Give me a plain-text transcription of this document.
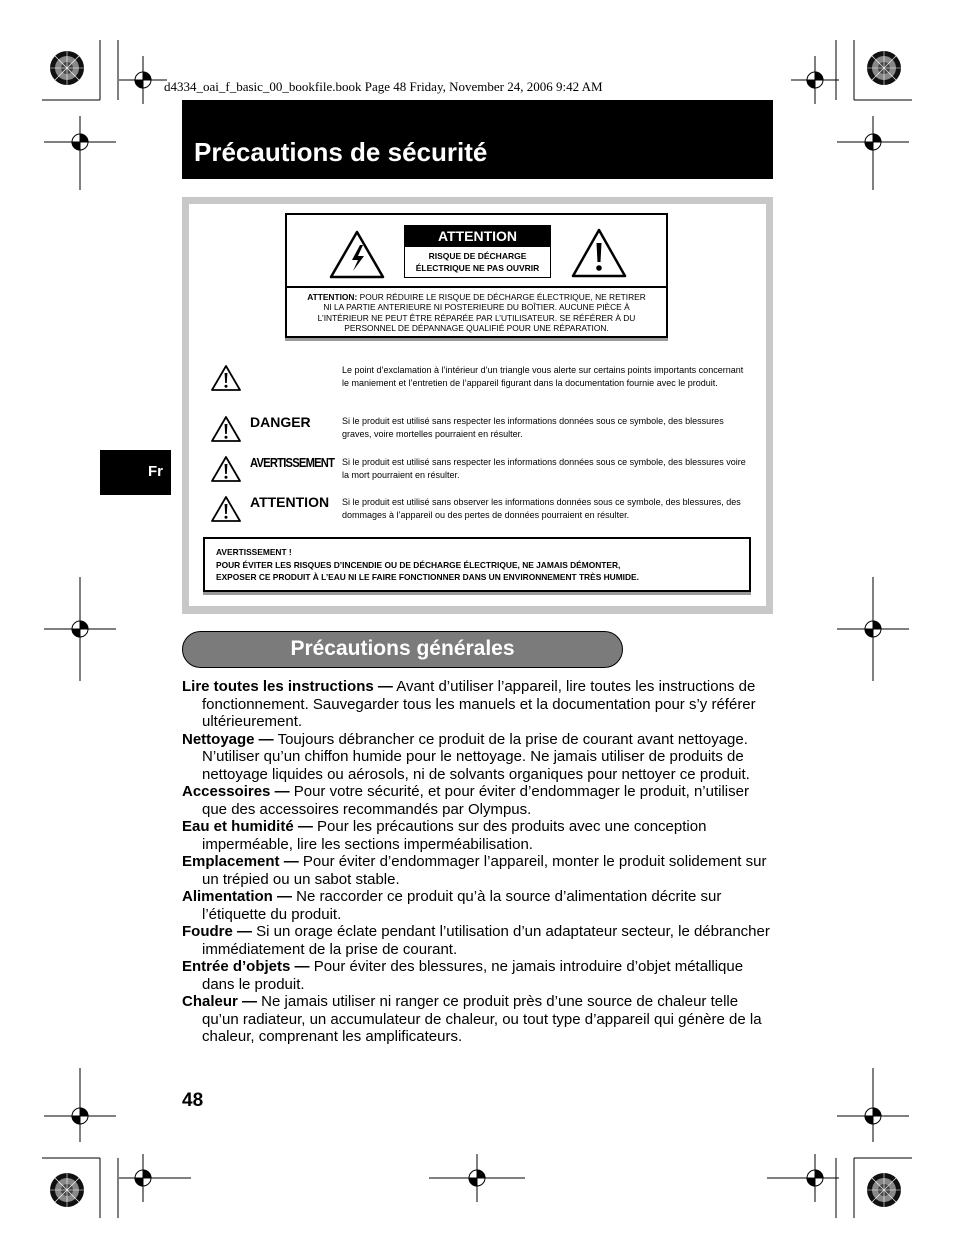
d4334_oai_f_basic_00_bookfile.book Page 48 Friday, November 24, 2006 9:42 AM
Précautions de sécurité
Fr
ATTENTION
RISQUE DE DÉCHARGE
ÉLECTRIQUE NE PAS OUVRIR
ATTENTION: POUR RÉDUIRE LE RISQUE DE DÉCHARGE ÉLECTRIQUE, NE RETIRER
NI LA PARTIE ANTERIEURE NI POSTERIEURE DU BOÎTIER. AUCUNE PIÈCE À
L’INTÉRIEUR NE PEUT ÊTRE RÉPARÉE PAR L’UTILISATEUR. SE RÉFÉRER À DU
PERSONNEL DE DÉPANNAGE QUALIFIÉ POUR UNE RÉPARATION.
Le point d’exclamation à l’intérieur d’un triangle vous alerte sur certains points importants concernant le maniement et l’entretien de l’appareil figurant dans la documentation fournie avec le produit.
DANGER	Si le produit est utilisé sans respecter les informations données sous ce symbole, des blessures graves, voire mortelles pourraient en résulter.
AVERTISSEMENT Si le produit est utilisé sans respecter les informations données sous ce symbole, des blessures voire la mort pourraient en résulter.
ATTENTION Si le produit est utilisé sans observer les informations données sous ce symbole, des blessures, des dommages à l’appareil ou des pertes de données pourraient en résulter.
AVERTISSEMENT !
POUR ÉVITER LES RISQUES D’INCENDIE OU DE DÉCHARGE ÉLECTRIQUE, NE JAMAIS DÉMONTER,
EXPOSER CE PRODUIT À L’EAU NI LE FAIRE FONCTIONNER DANS UN ENVIRONNEMENT TRÈS HUMIDE.
Précautions générales

Lire toutes les instructions — Avant d’utiliser l’appareil, lire toutes les instructions de fonctionnement. Sauvegarder tous les manuels et la documentation pour s’y référer ultérieurement.

Nettoyage — Toujours débrancher ce produit de la prise de courant avant nettoyage. N’utiliser qu’un chiffon humide pour le nettoyage. Ne jamais utiliser de produits de nettoyage liquides ou aérosols, ni de solvants organiques pour nettoyer ce produit.

Accessoires — Pour votre sécurité, et pour éviter d’endommager le produit, n’utiliser que des accessoires recommandés par Olympus.

Eau et humidité — Pour les précautions sur des produits avec une conception imperméable, lire les sections imperméabilisation.

Emplacement — Pour éviter d’endommager l’appareil, monter le produit solidement sur un trépied ou un sabot stable.

Alimentation — Ne raccorder ce produit qu’à la source d’alimentation décrite sur l’étiquette du produit.

Foudre — Si un orage éclate pendant l’utilisation d’un adaptateur secteur, le débrancher immédiatement de la prise de courant.

Entrée d’objets — Pour éviter des blessures, ne jamais introduire d’objet métallique dans le produit.

Chaleur — Ne jamais utiliser ni ranger ce produit près d’une source de chaleur telle qu’un radiateur, un accumulateur de chaleur, ou tout type d’appareil qui génère de la chaleur, comprenant les amplificateurs.

48
